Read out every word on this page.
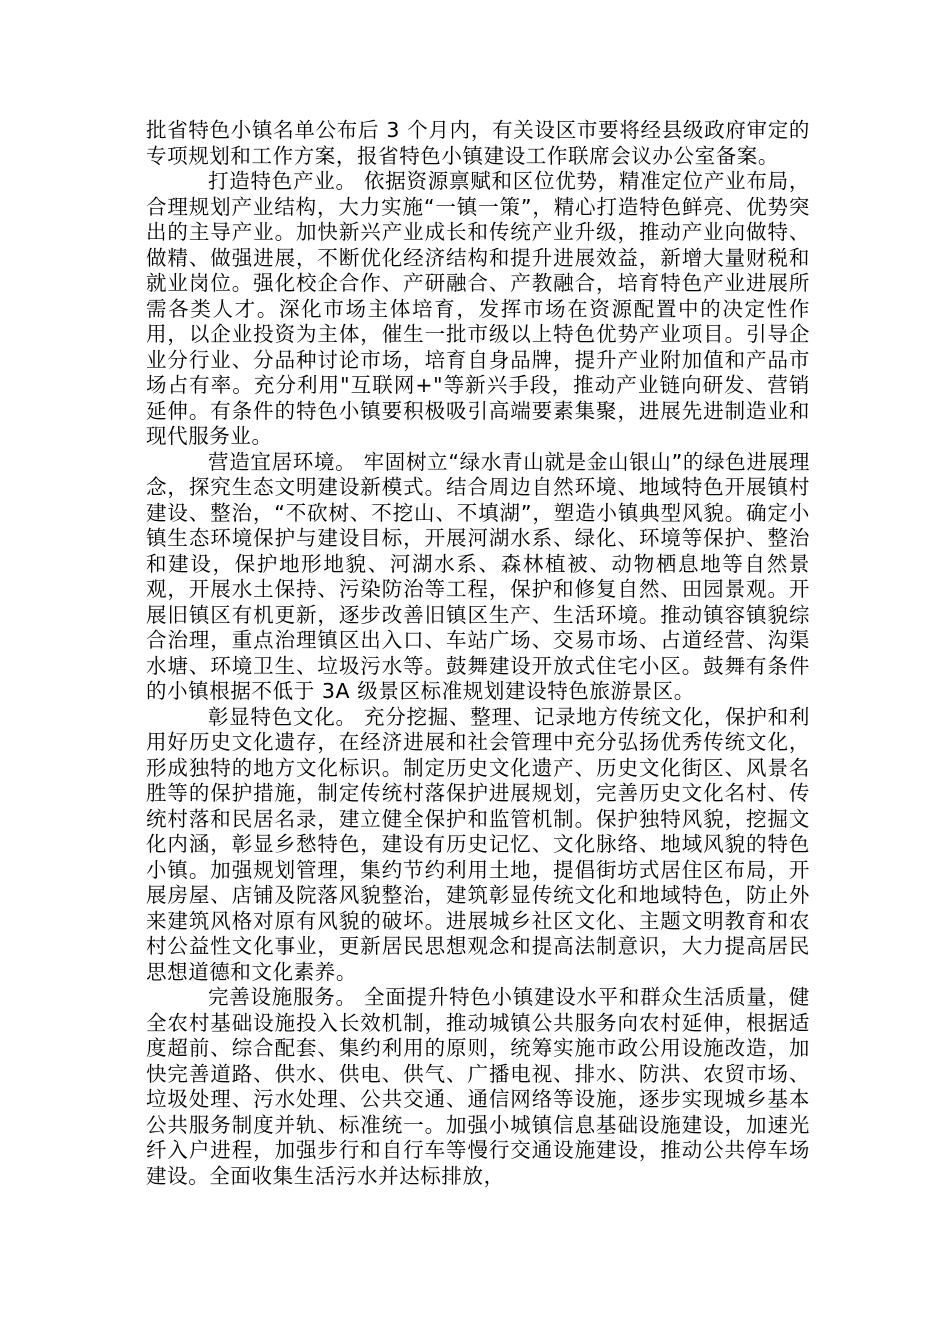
批省特色小镇名单公布后 3 个月内，有关设区市要将经县级政府审定的专项规划和工作方案，报省特色小镇建设工作联席会议办公室备案。

打造特色产业。 依据资源禀赋和区位优势，精准定位产业布局，合理规划产业结构，大力实施“一镇一策”，精心打造特色鲜亮、优势突出的主导产业。加快新兴产业成长和传统产业升级，推动产业向做特、做精、做强进展，不断优化经济结构和提升进展效益，新增大量财税和就业岗位。强化校企合作、产研融合、产教融合，培育特色产业进展所需各类人才。深化市场主体培育，发挥市场在资源配置中的决定性作用，以企业投资为主体，催生一批市级以上特色优势产业项目。引导企业分行业、分品种讨论市场，培育自身品牌，提升产业附加值和产品市场占有率。充分利用"互联网+"等新兴手段，推动产业链向研发、营销延伸。有条件的特色小镇要积极吸引高端要素集聚，进展先进制造业和现代服务业。

营造宜居环境。 牢固树立“绿水青山就是金山银山”的绿色进展理念，探究生态文明建设新模式。结合周边自然环境、地域特色开展镇村建设、整治，“不砍树、不挖山、不填湖”，塑造小镇典型风貌。确定小镇生态环境保护与建设目标，开展河湖水系、绿化、环境等保护、整治和建设，保护地形地貌、河湖水系、森林植被、动物栖息地等自然景观，开展水土保持、污染防治等工程，保护和修复自然、田园景观。开展旧镇区有机更新，逐步改善旧镇区生产、生活环境。推动镇容镇貌综合治理，重点治理镇区出入口、车站广场、交易市场、占道经营、沟渠水塘、环境卫生、垃圾污水等。鼓舞建设开放式住宅小区。鼓舞有条件的小镇根据不低于 3A 级景区标准规划建设特色旅游景区。

彰显特色文化。 充分挖掘、整理、记录地方传统文化，保护和利用好历史文化遗存，在经济进展和社会管理中充分弘扬优秀传统文化，形成独特的地方文化标识。制定历史文化遗产、历史文化街区、风景名胜等的保护措施，制定传统村落保护进展规划，完善历史文化名村、传统村落和民居名录，建立健全保护和监管机制。保护独特风貌，挖掘文化内涵，彰显乡愁特色，建设有历史记忆、文化脉络、地域风貌的特色小镇。加强规划管理，集约节约利用土地，提倡街坊式居住区布局，开展房屋、店铺及院落风貌整治，建筑彰显传统文化和地域特色，防止外来建筑风格对原有风貌的破坏。进展城乡社区文化、主题文明教育和农村公益性文化事业，更新居民思想观念和提高法制意识，大力提高居民思想道德和文化素养。

完善设施服务。 全面提升特色小镇建设水平和群众生活质量，健全农村基础设施投入长效机制，推动城镇公共服务向农村延伸，根据适度超前、综合配套、集约利用的原则，统筹实施市政公用设施改造，加快完善道路、供水、供电、供气、广播电视、排水、防洪、农贸市场、垃圾处理、污水处理、公共交通、通信网络等设施，逐步实现城乡基本公共服务制度并轨、标准统一。加强小城镇信息基础设施建设，加速光纤入户进程，加强步行和自行车等慢行交通设施建设，推动公共停车场建设。全面收集生活污水并达标排放，
